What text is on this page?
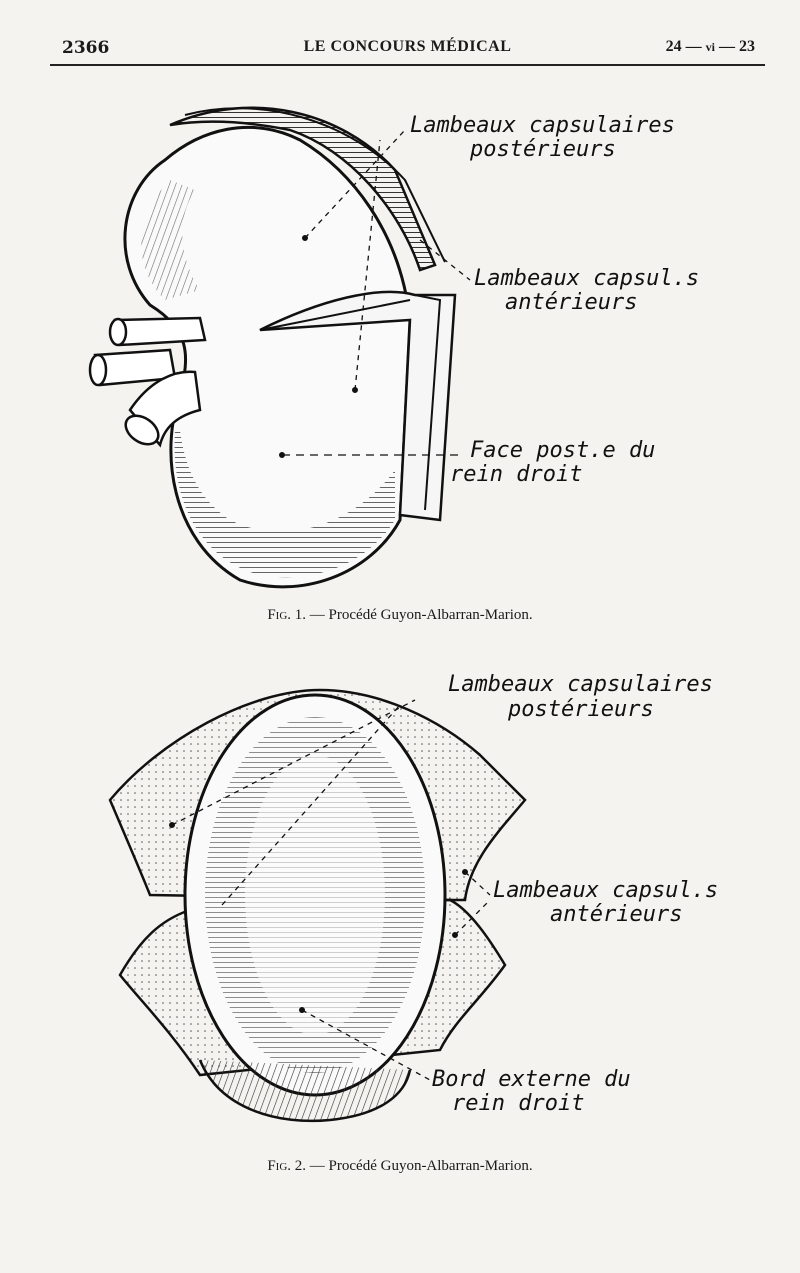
2366	LE CONCOURS MÉDICAL	24 — vi — 23
Lambeaux capsulaires
postérieurs
Lambeaux capsul.s
antérieurs
Face post.e du
rein droit
Fig. 1. — Procédé Guyon-Albarran-Marion.
Lambeaux capsulaires
postérieurs
Lambeaux capsul.s
antérieurs
Bord externe du
rein droit
Fig. 2. — Procédé Guyon-Albarran-Marion.
